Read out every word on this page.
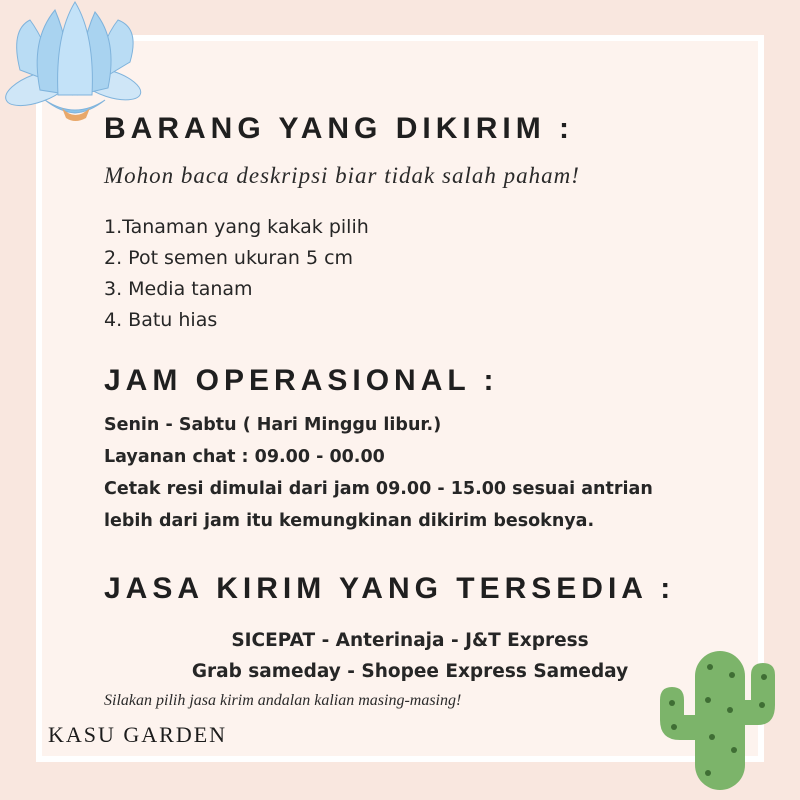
BARANG YANG DIKIRIM :
Mohon baca deskripsi biar tidak salah paham!
1.Tanaman yang kakak pilih
2. Pot semen ukuran 5 cm
3. Media tanam
4. Batu hias
JAM OPERASIONAL :
Senin - Sabtu ( Hari Minggu libur.)
Layanan chat : 09.00 - 00.00
Cetak resi dimulai dari jam 09.00 - 15.00 sesuai antrian
lebih dari jam itu kemungkinan dikirim besoknya.
JASA KIRIM YANG TERSEDIA :
SICEPAT - Anterinaja - J&T Express
Grab sameday - Shopee Express Sameday
Silakan pilih jasa kirim andalan kalian masing-masing!
KASU GARDEN
